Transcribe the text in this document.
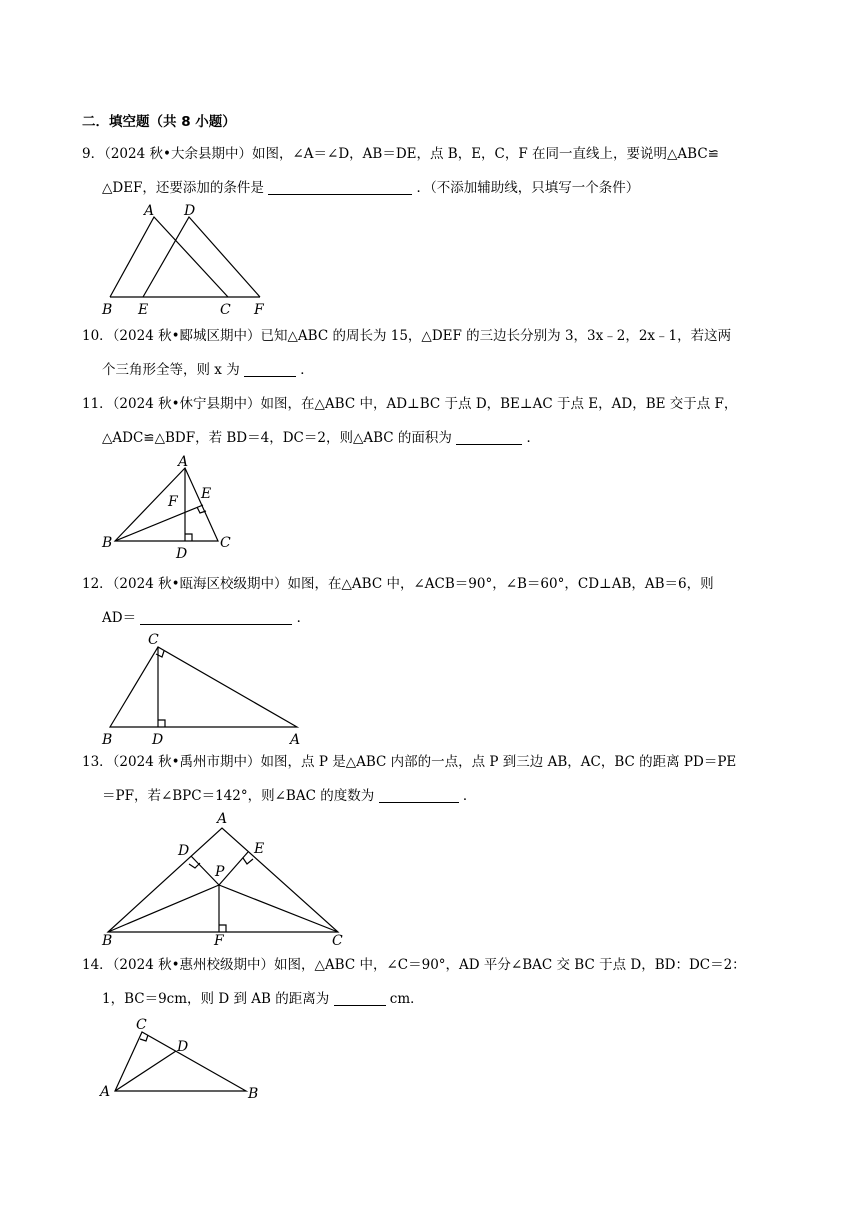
二．填空题（共 8 小题）
9．（2024 秋•大余县期中）如图，∠A＝∠D，AB＝DE，点 B，E，C，F 在同一直线上，要说明△ABC≌
△DEF，还要添加的条件是	．（不添加辅助线，只填写一个条件）
A D
B E	C F
10．（2024 秋•郾城区期中）已知△ABC 的周长为 15，△DEF 的三边长分别为 3，3x﹣2，2x﹣1，若这两
个三角形全等，则 x 为	．
11．（2024 秋•休宁县期中）如图，在△ABC 中，AD⊥BC 于点 D，BE⊥AC 于点 E，AD，BE 交于点 F，
△ADC≌△BDF，若 BD＝4，DC＝2，则△ABC 的面积为	．
A
F E
B
D
C
12．（2024 秋•瓯海区校级期中）如图，在△ABC 中，∠ACB＝90°，∠B＝60°，CD⊥AB，AB＝6，则
AD＝	．
C
B	D	A
13．（2024 秋•禹州市期中）如图，点 P 是△ABC 内部的一点，点 P 到三边 AB，AC，BC 的距离 PD＝PE
＝PF，若∠BPC＝142°，则∠BAC 的度数为	．
A
D	E
P
B	F	C
14．（2024 秋•惠州校级期中）如图，△ABC 中，∠C＝90°，AD 平分∠BAC 交 BC 于点 D，BD：DC＝2：
1，BC＝9cm，则 D 到 AB 的距离为	cm．
C
D
A	B
